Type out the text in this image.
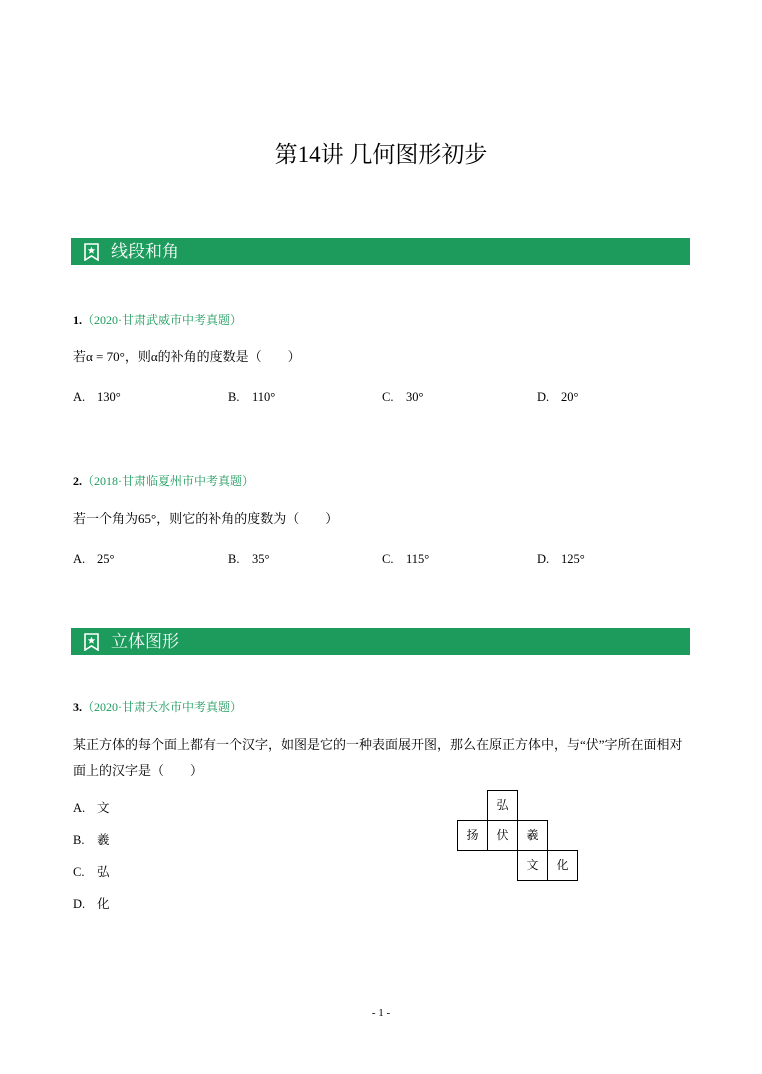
第14讲 几何图形初步
线段和角
1.（2020·甘肃武威市中考真题）
若α = 70°，则α的补角的度数是（　　）
A. 130°	B. 110°	C. 30°	D. 20°
2.（2018·甘肃临夏州市中考真题）
若一个角为65°，则它的补角的度数为（　　）
A. 25°	B. 35°	C. 115°	D. 125°
立体图形
3.（2020·甘肃天水市中考真题）
某正方体的每个面上都有一个汉字，如图是它的一种表面展开图，那么在原正方体中，与“伏”字所在面相对
面上的汉字是（　　）
A. 文
B. 羲
C. 弘
D. 化
弘
扬	伏	羲
文	化
- 1 -
